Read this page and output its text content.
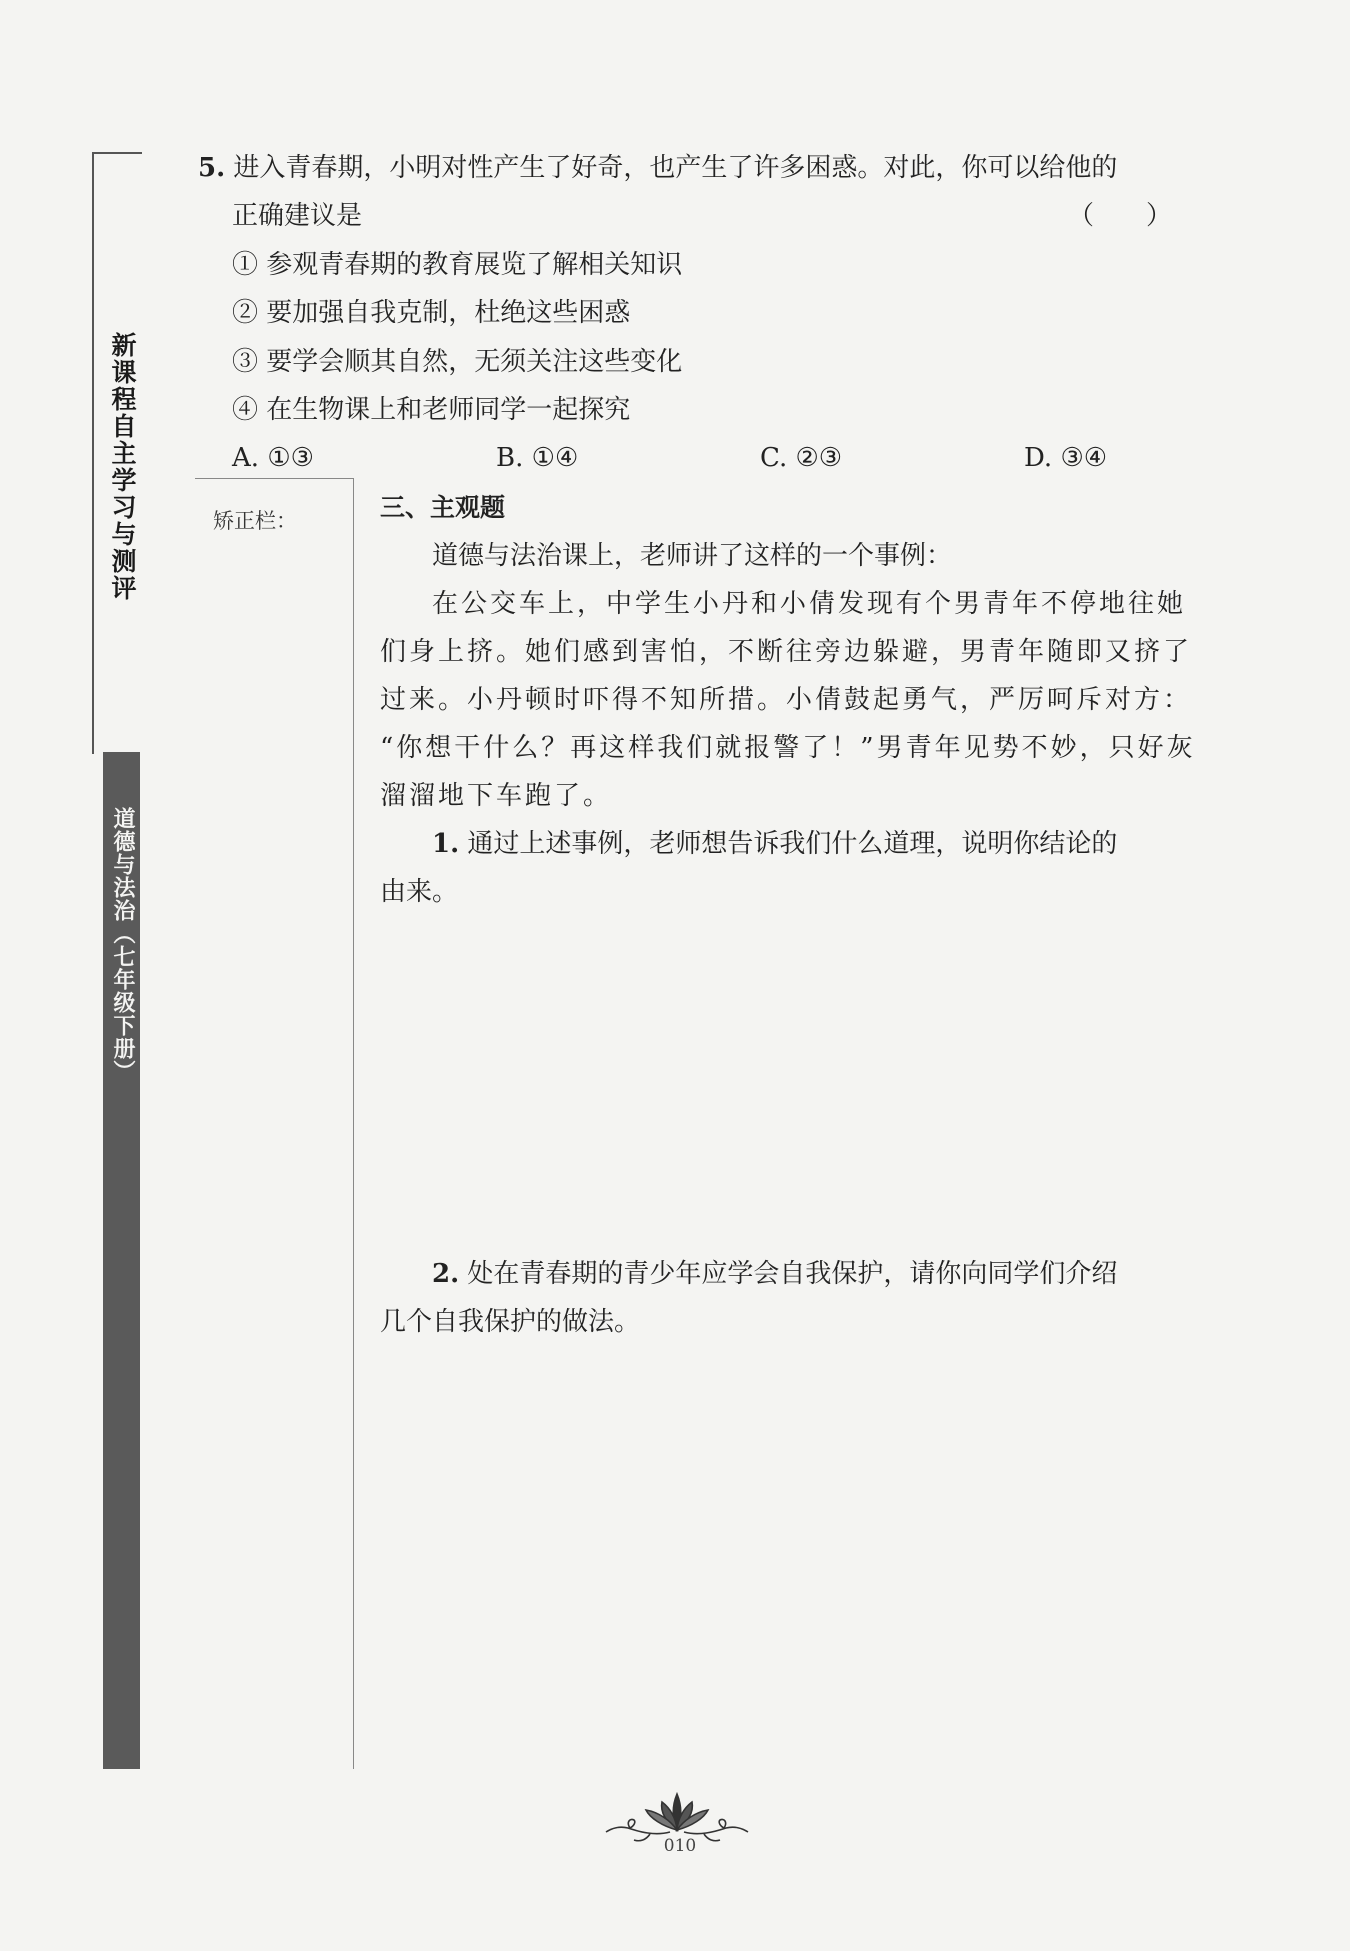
新课程自主学习与测评
道德与法治（七年级下册）
5. 进入青春期，小明对性产生了好奇，也产生了许多困惑。对此，你可以给他的
正确建议是	（　　）
① 参观青春期的教育展览了解相关知识
② 要加强自我克制，杜绝这些困惑
③ 要学会顺其自然，无须关注这些变化
④ 在生物课上和老师同学一起探究
A. ①③	B. ①④	C. ②③	D. ③④
矫正栏：	三、主观题
道德与法治课上，老师讲了这样的一个事例：
在公交车上，中学生小丹和小倩发现有个男青年不停地往她
们身上挤。她们感到害怕，不断往旁边躲避，男青年随即又挤了
过来。小丹顿时吓得不知所措。小倩鼓起勇气，严厉呵斥对方：
“你想干什么？再这样我们就报警了！”男青年见势不妙，只好灰
溜溜地下车跑了。
1. 通过上述事例，老师想告诉我们什么道理，说明你结论的
由来。
2. 处在青春期的青少年应学会自我保护，请你向同学们介绍
几个自我保护的做法。
010
